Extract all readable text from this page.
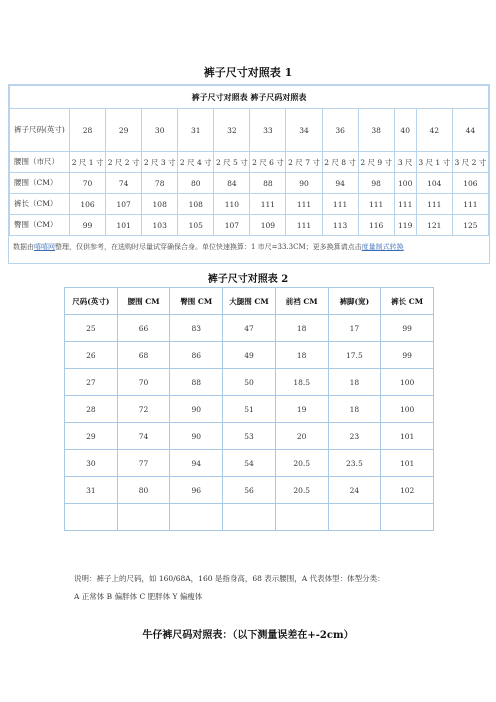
裤子尺寸对照表 1
裤子尺寸对照表 裤子尺码对照表												
裤子尺码(英寸)	28	29	30	31	32	33	34	36	38	40	42	44
腰围（市尺）	2 尺 1 寸	2 尺 2 寸	2 尺 3 寸	2 尺 4 寸	2 尺 5 寸	2 尺 6 寸	2 尺 7 寸	2 尺 8 寸	2 尺 9 寸	3 尺	3 尺 1 寸	3 尺 2 寸
腰围（CM）	70	74	78	80	84	88	90	94	98	100	104	106
裤长（CM）	106	107	108	108	110	111	111	111	111	111	111	111
臀围（CM）	99	101	103	105	107	109	111	113	116	119	121	125
数据由嘻嘻网整理，仅供参考，在选购时尽量试穿确保合身。单位快速换算：1 市尺=33.3CM；更多换算请点击度量制式转换
裤子尺寸对照表 2
尺码(英寸)	腰围 CM	臀围 CM	大腿围 CM	前裆 CM	裤脚(宽)	裤长 CM
25	66	83	47	18	17	99
26	68	86	49	18	17.5	99
27	70	88	50	18.5	18	100
28	72	90	51	19	18	100
29	74	90	53	20	23	101
30	77	94	54	20.5	23.5	101
31	80	96	56	20.5	24	102

说明：裤子上的尺码，如 160/68A，160 是指身高，68 表示腰围，A 代表体型：体型分类：
A 正常体 B 偏胖体 C 肥胖体 Y 偏瘦体
牛仔裤尺码对照表：（以下测量误差在+-2cm）
